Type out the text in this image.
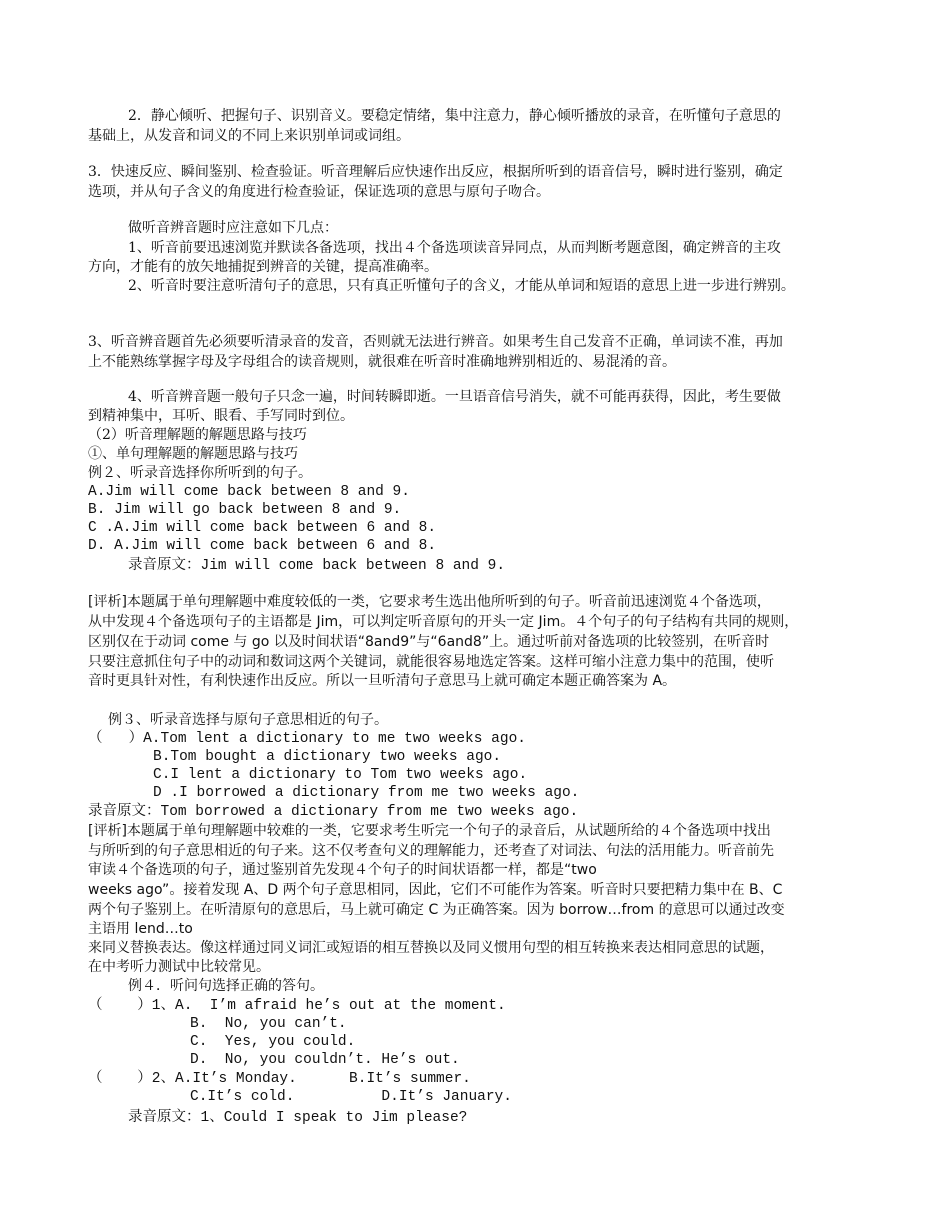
2．静心倾听、把握句子、识别音义。要稳定情绪，集中注意力，静心倾听播放的录音，在听懂句子意思的
基础上，从发音和词义的不同上来识别单词或词组。
3．快速反应、瞬间鉴别、检查验证。听音理解后应快速作出反应，根据所听到的语音信号，瞬时进行鉴别，确定
选项，并从句子含义的角度进行检查验证，保证选项的意思与原句子吻合。
做听音辨音题时应注意如下几点：
1、听音前要迅速浏览并默读各备选项，找出４个备选项读音异同点，从而判断考题意图，确定辨音的主攻
方向，才能有的放矢地捕捉到辨音的关键，提高准确率。
2、听音时要注意听清句子的意思，只有真正听懂句子的含义，才能从单词和短语的意思上进一步进行辨别。
3、听音辨音题首先必须要听清录音的发音，否则就无法进行辨音。如果考生自己发音不正确，单词读不准，再加
上不能熟练掌握字母及字母组合的读音规则，就很难在听音时准确地辨别相近的、易混淆的音。
4、听音辨音题一般句子只念一遍，时间转瞬即逝。一旦语音信号消失，就不可能再获得，因此，考生要做
到精神集中，耳听、眼看、手写同时到位。
（2）听音理解题的解题思路与技巧
①、单句理解题的解题思路与技巧
例２、听录音选择你所听到的句子。
A.Jim will come back between 8 and 9.
B. Jim will go back between 8 and 9.
C .A.Jim will come back between 6 and 8.
D. A.Jim will come back between 6 and 8.
录音原文：Jim will come back between 8 and 9.
[评析]本题属于单句理解题中难度较低的一类，它要求考生选出他所听到的句子。听音前迅速浏览４个备选项，
从中发现４个备选项句子的主语都是 Jim，可以判定听音原句的开头一定 Jim。４个句子的句子结构有共同的规则，
区别仅在于动词 come 与 go 以及时间状语“8and9”与“6and8”上。通过听前对备选项的比较签别，在听音时
只要注意抓住句子中的动词和数词这两个关键词，就能很容易地选定答案。这样可缩小注意力集中的范围，使听
音时更具针对性，有利快速作出反应。所以一旦听清句子意思马上就可确定本题正确答案为 A。
例３、听录音选择与原句子意思相近的句子。
（   ）A.Tom lent a dictionary to me two weeks ago.
B.Tom bought a dictionary two weeks ago.
C.I lent a dictionary to Tom two weeks ago.
D .I borrowed a dictionary from me two weeks ago.
录音原文：Tom borrowed a dictionary from me two weeks ago.
[评析]本题属于单句理解题中较难的一类，它要求考生听完一个句子的录音后，从试题所给的４个备选项中找出
与所听到的句子意思相近的句子来。这不仅考查句义的理解能力，还考查了对词法、句法的活用能力。听音前先
审读４个备选项的句子，通过鉴别首先发现４个句子的时间状语都一样，都是“two
weeks ago”。接着发现 A、D 两个句子意思相同，因此，它们不可能作为答案。听音时只要把精力集中在 B、C
两个句子鉴别上。在听清原句的意思后，马上就可确定 C 为正确答案。因为 borrow…from 的意思可以通过改变
主语用 lend…to
来同义替换表达。像这样通过同义词汇或短语的相互替换以及同义惯用句型的相互转换来表达相同意思的试题，
在中考听力测试中比较常见。
例４．听问句选择正确的答句。
（    ）1、A.  I’m afraid he’s out at the moment.
B.  No, you can’t.
C.  Yes, you could.
D.  No, you couldn’t. He’s out.
（    ）2、A.It’s Monday.      B.It’s summer.
C.It’s cold.          D.It’s January.
录音原文：1、Could I speak to Jim please?
